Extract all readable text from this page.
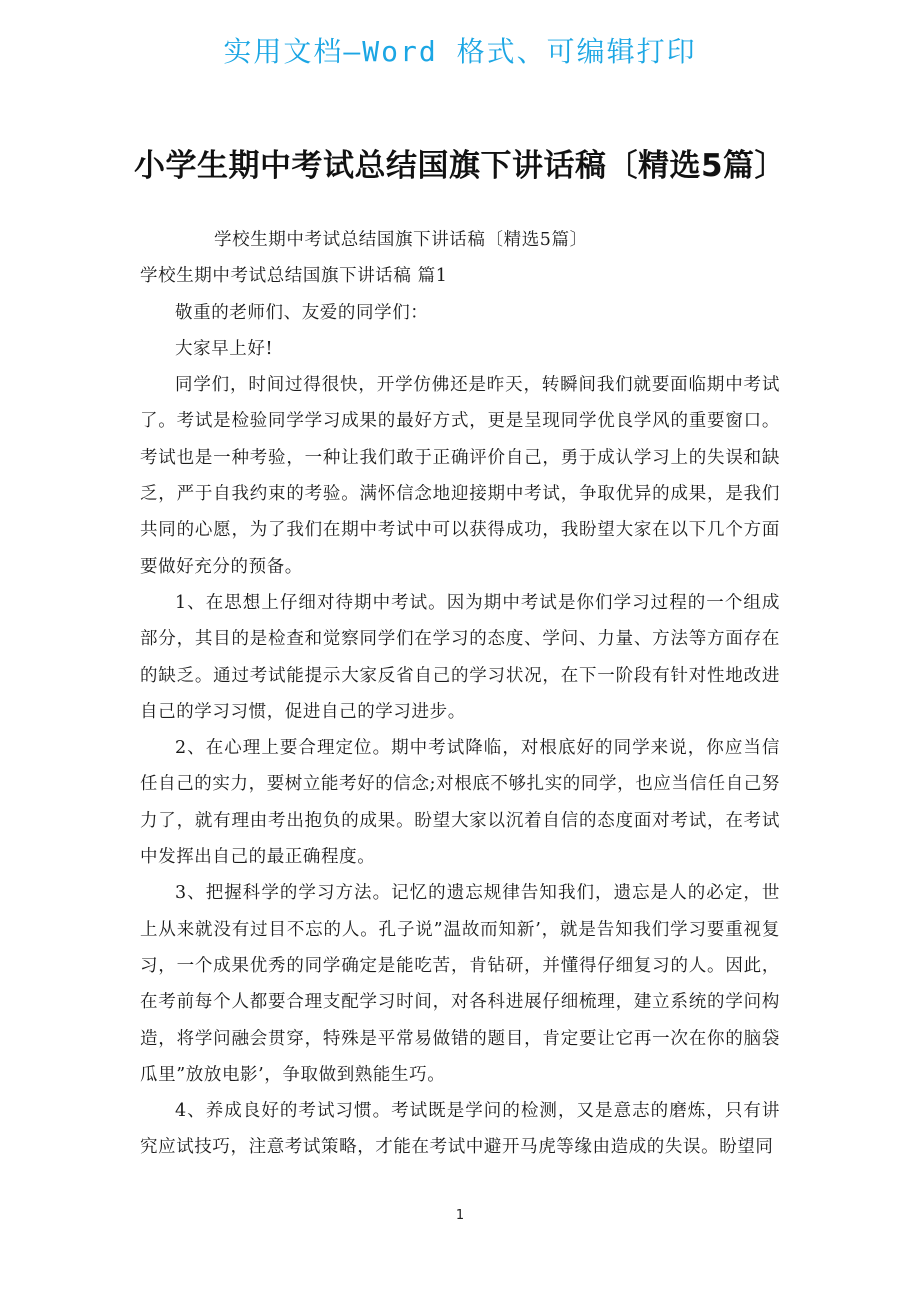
实用文档—Word 格式、可编辑打印
小学生期中考试总结国旗下讲话稿〔精选5篇〕

学校生期中考试总结国旗下讲话稿〔精选5篇〕

学校生期中考试总结国旗下讲话稿 篇1

敬重的老师们、友爱的同学们：

大家早上好!

同学们，时间过得很快，开学仿佛还是昨天，转瞬间我们就要面临期中考试了。考试是检验同学学习成果的最好方式，更是呈现同学优良学风的重要窗口。考试也是一种考验，一种让我们敢于正确评价自己，勇于成认学习上的失误和缺乏，严于自我约束的考验。满怀信念地迎接期中考试，争取优异的成果，是我们共同的心愿，为了我们在期中考试中可以获得成功，我盼望大家在以下几个方面要做好充分的预备。

1、在思想上仔细对待期中考试。因为期中考试是你们学习过程的一个组成部分，其目的是检查和觉察同学们在学习的态度、学问、力量、方法等方面存在的缺乏。通过考试能提示大家反省自己的学习状况，在下一阶段有针对性地改进自己的学习习惯，促进自己的学习进步。

2、在心理上要合理定位。期中考试降临，对根底好的同学来说，你应当信任自己的实力，要树立能考好的信念;对根底不够扎实的同学，也应当信任自己努力了，就有理由考出抱负的成果。盼望大家以沉着自信的态度面对考试，在考试中发挥出自己的最正确程度。

3、把握科学的学习方法。记忆的遗忘规律告知我们，遗忘是人的必定，世上从来就没有过目不忘的人。孔子说”温故而知新’，就是告知我们学习要重视复习，一个成果优秀的同学确定是能吃苦，肯钻研，并懂得仔细复习的人。因此，在考前每个人都要合理支配学习时间，对各科进展仔细梳理，建立系统的学问构造，将学问融会贯穿，特殊是平常易做错的题目，肯定要让它再一次在你的脑袋瓜里”放放电影’，争取做到熟能生巧。

4、养成良好的考试习惯。考试既是学问的检测，又是意志的磨炼，只有讲究应试技巧，注意考试策略，才能在考试中避开马虎等缘由造成的失误。盼望同

1
